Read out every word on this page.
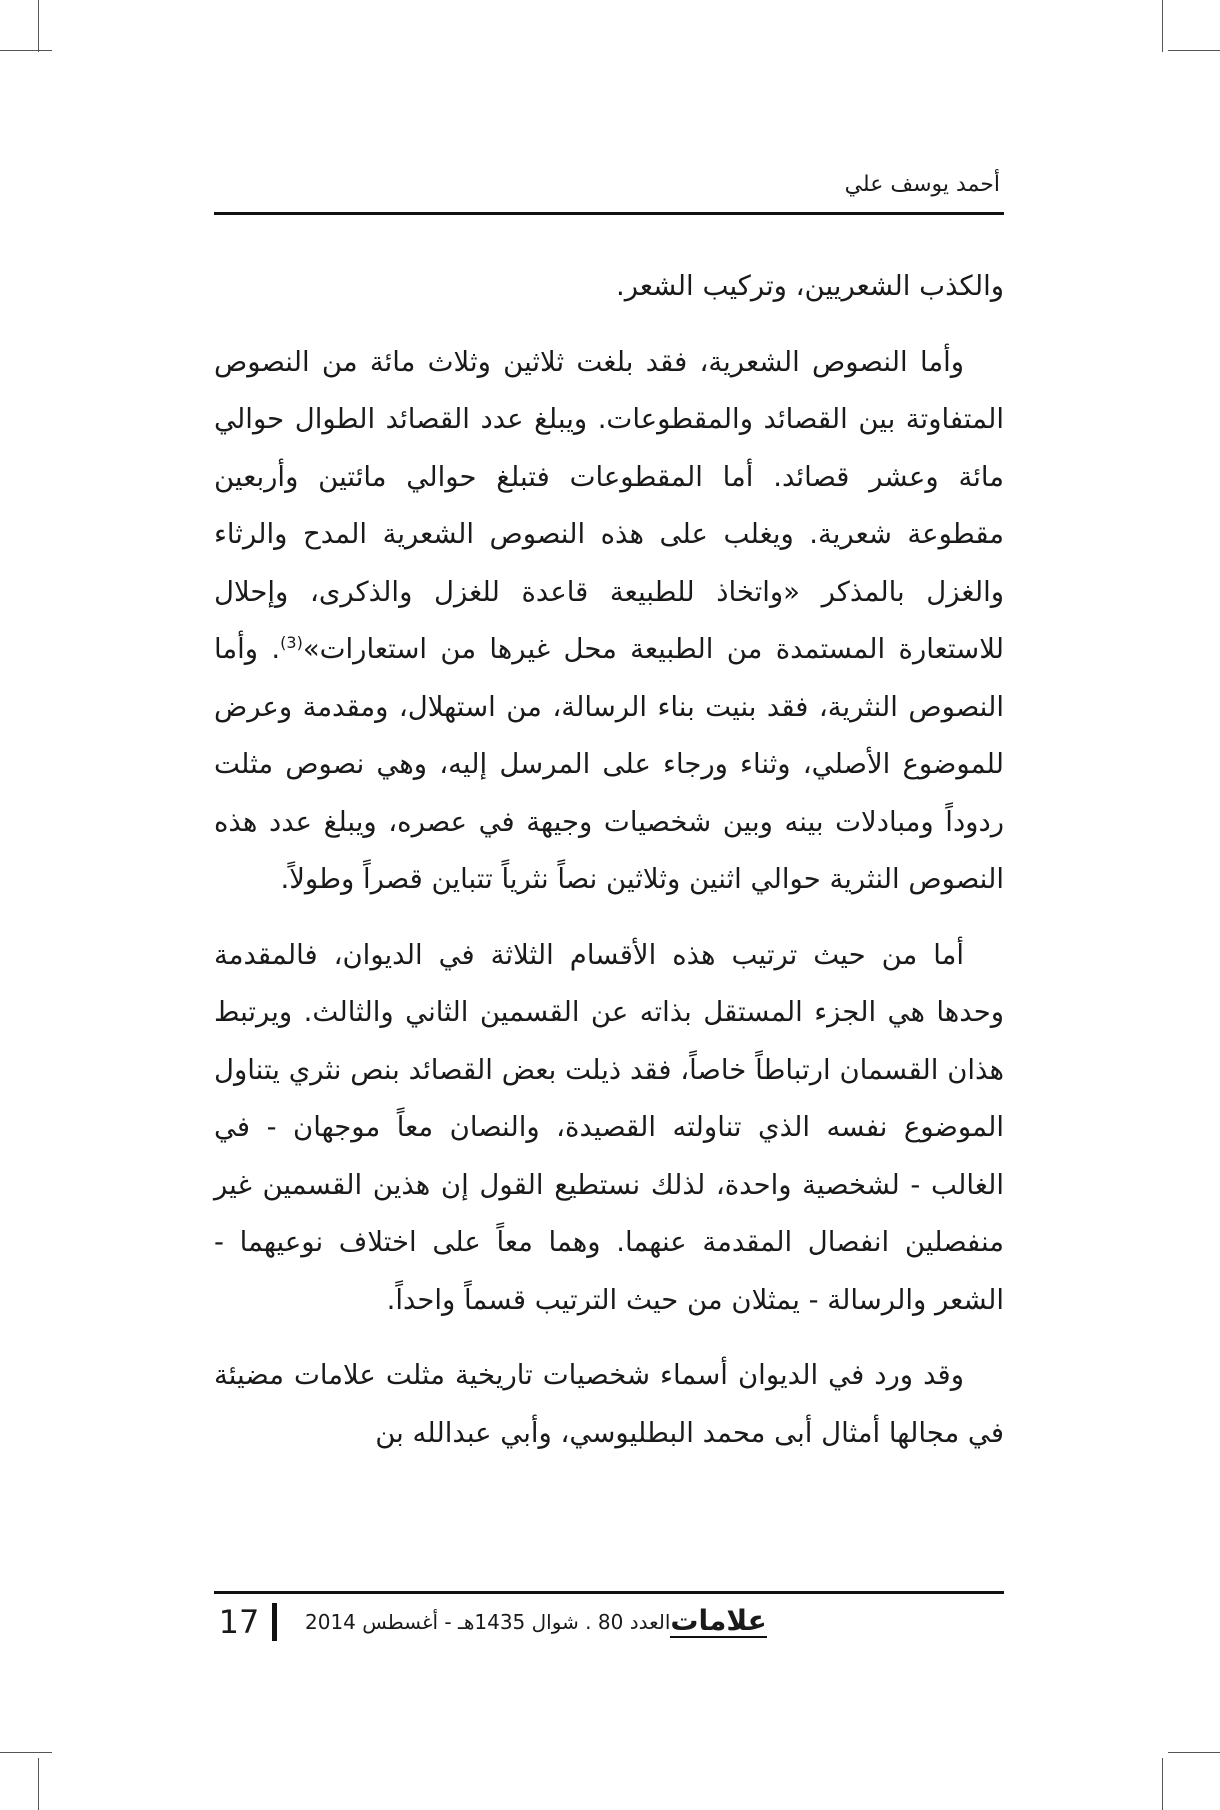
أحمد يوسف علي

والكذب الشعريين، وتركيب الشعر.

وأما النصوص الشعرية، فقد بلغت ثلاثين وثلاث مائة من النصوص المتفاوتة بين القصائد والمقطوعات. ويبلغ عدد القصائد الطوال حوالي مائة وعشر قصائد. أما المقطوعات فتبلغ حوالي مائتين وأربعين مقطوعة شعرية. ويغلب على هذه النصوص الشعرية المدح والرثاء والغزل بالمذكر «واتخاذ للطبيعة قاعدة للغزل والذكرى، وإحلال للاستعارة المستمدة من الطبيعة محل غيرها من استعارات»$^{(3)}$. وأما النصوص النثرية، فقد بنيت بناء الرسالة، من استهلال، ومقدمة وعرض للموضوع الأصلي، وثناء ورجاء على المرسل إليه، وهي نصوص مثلت ردوداً ومبادلات بينه وبين شخصيات وجيهة في عصره، ويبلغ عدد هذه النصوص النثرية حوالي اثنين وثلاثين نصاً نثرياً تتباين قصراً وطولاً.

أما من حيث ترتيب هذه الأقسام الثلاثة في الديوان، فالمقدمة وحدها هي الجزء المستقل بذاته عن القسمين الثاني والثالث. ويرتبط هذان القسمان ارتباطاً خاصاً، فقد ذيلت بعض القصائد بنص نثري يتناول الموضوع نفسه الذي تناولته القصيدة، والنصان معاً موجهان - في الغالب - لشخصية واحدة، لذلك نستطيع القول إن هذين القسمين غير منفصلين انفصال المقدمة عنهما. وهما معاً على اختلاف نوعيهما - الشعر والرسالة - يمثلان من حيث الترتيب قسماً واحداً.

وقد ورد في الديوان أسماء شخصيات تاريخية مثلت علامات مضيئة في مجالها أمثال أبى محمد البطليوسي، وأبي عبدالله بن

17 العدد 80 . شوال 1435هـ - أغسطس 2014 علامات
